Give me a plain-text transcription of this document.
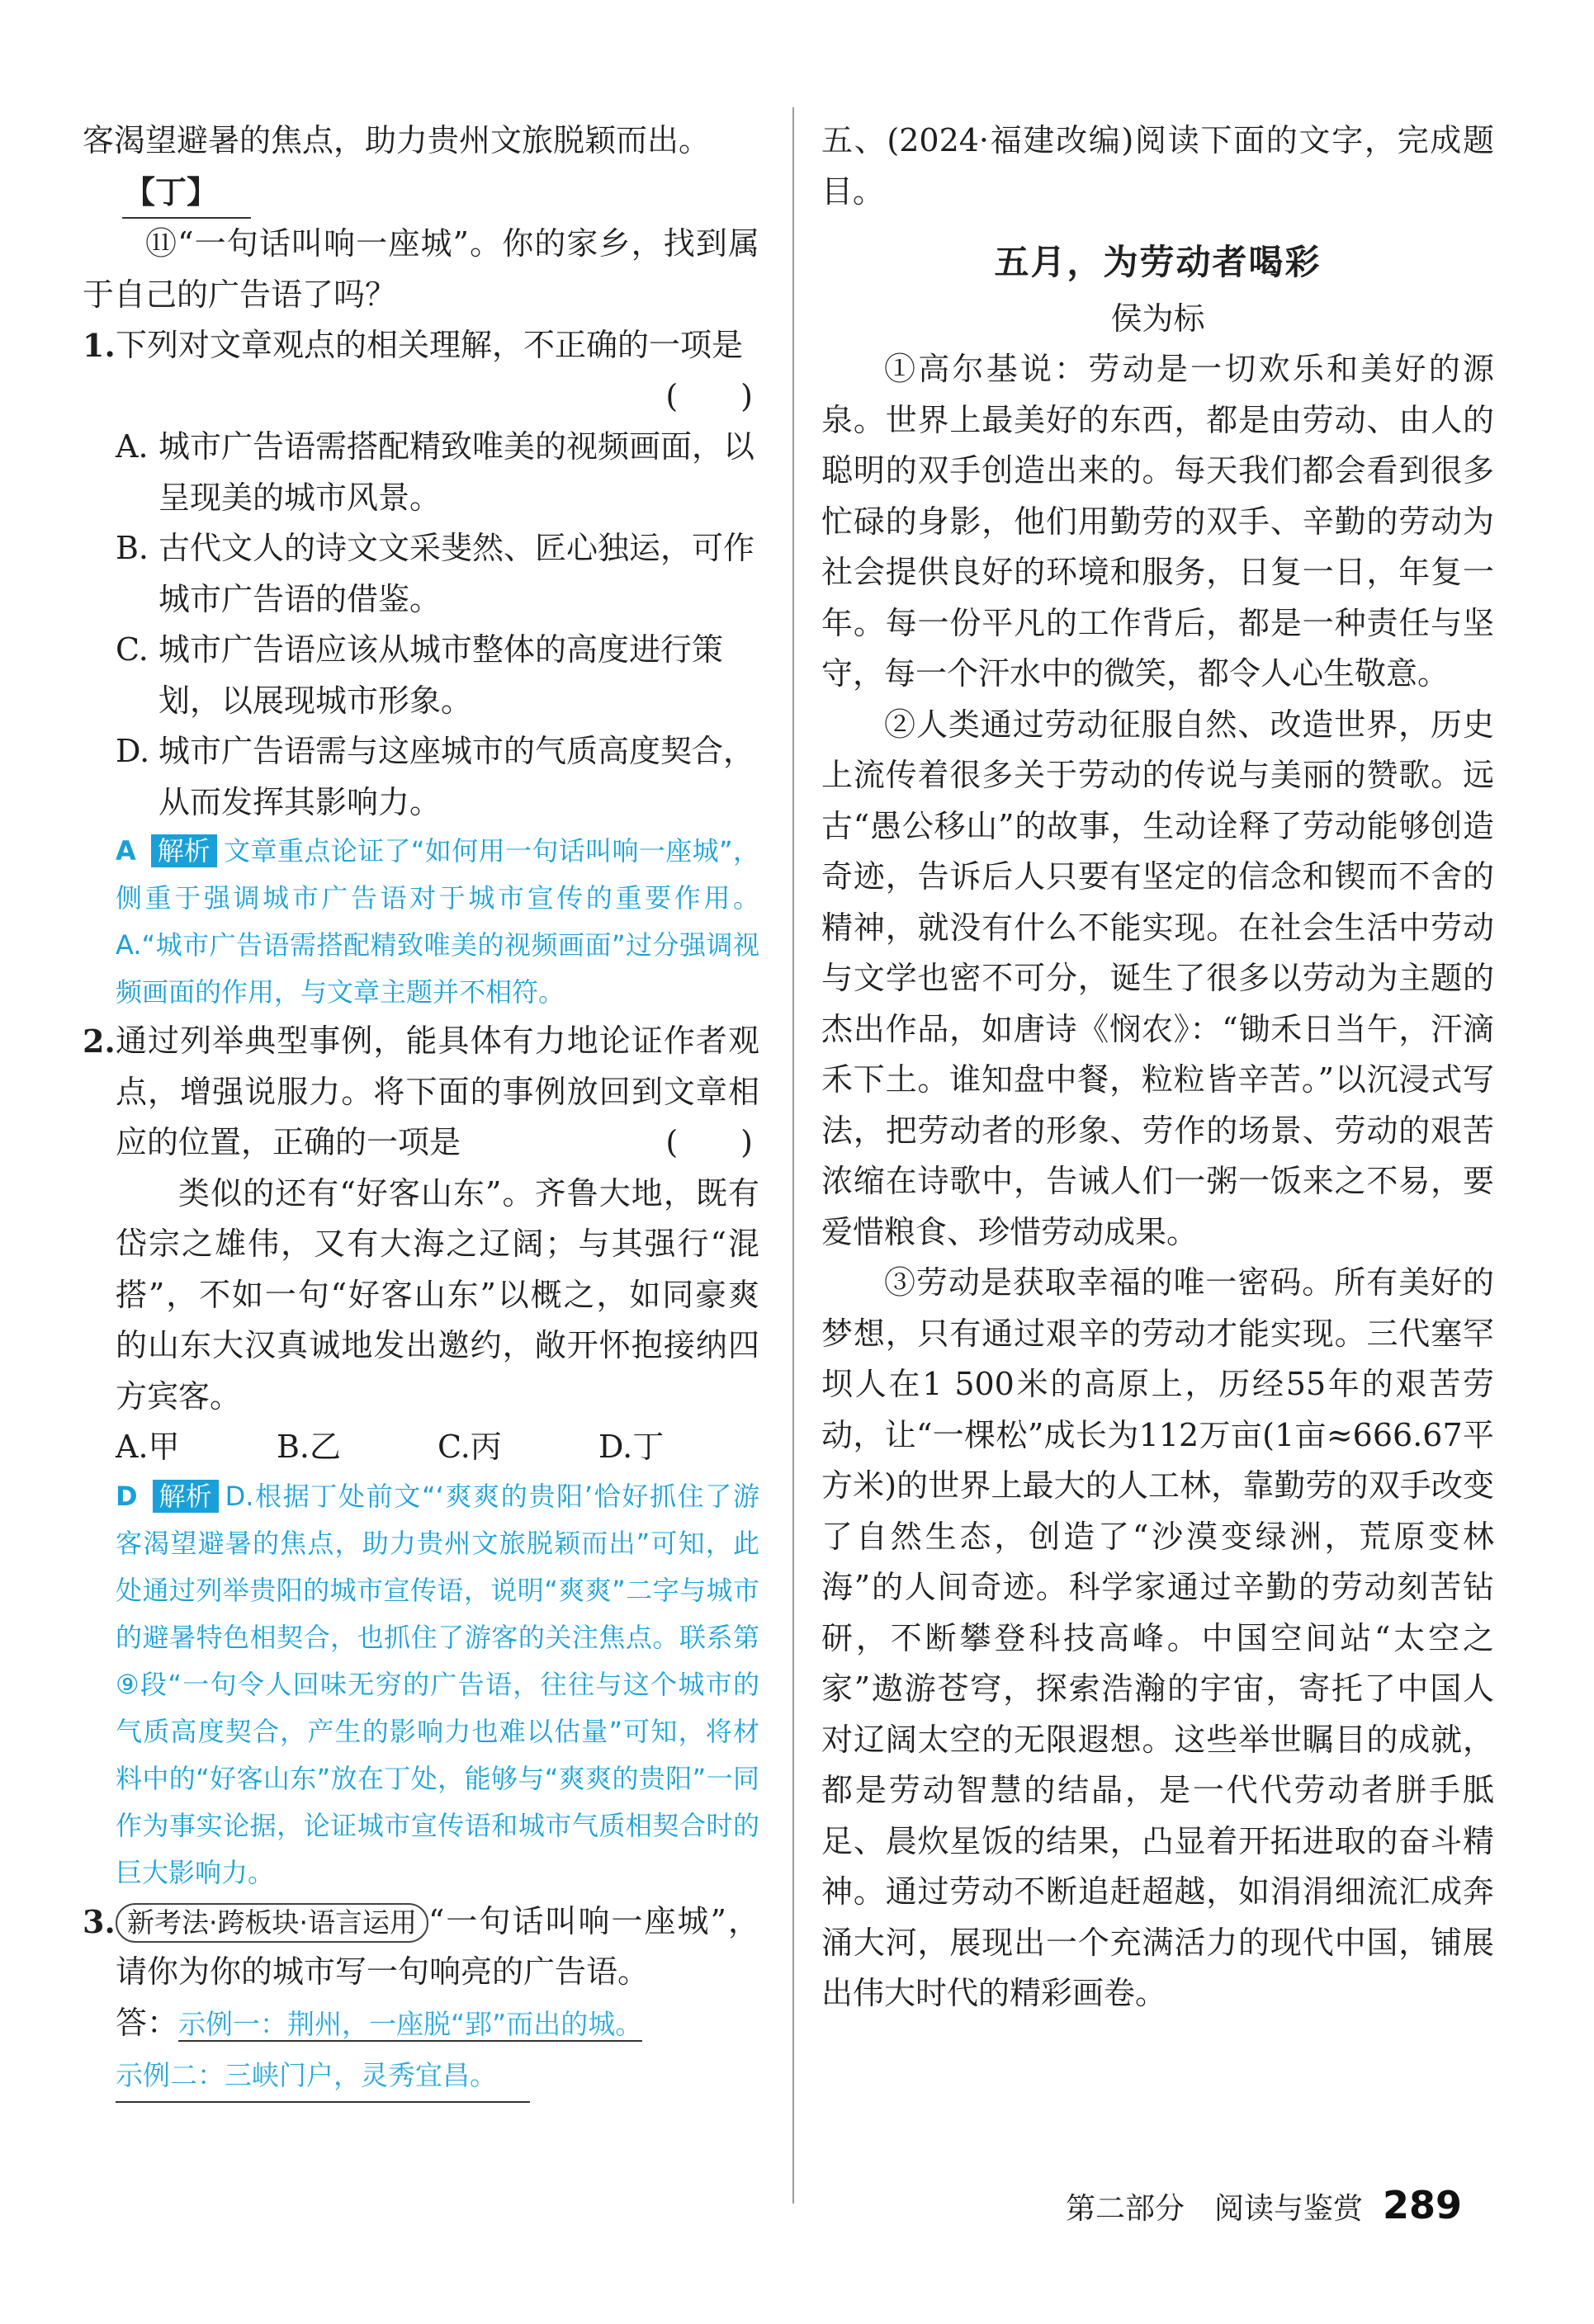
客渴望避暑的焦点，助力贵州文旅脱颖而出。

【丁】

⑪“一句话叫响一座城”。你的家乡，找到属于自己的广告语了吗？

1. 下列对文章观点的相关理解，不正确的一项是
(　　)
A. 城市广告语需搭配精致唯美的视频画面，以呈现美的城市风景。
B. 古代文人的诗文文采斐然、匠心独运，可作城市广告语的借鉴。
C. 城市广告语应该从城市整体的高度进行策划，以展现城市形象。
D. 城市广告语需与这座城市的气质高度契合，从而发挥其影响力。

A 解析 文章重点论证了“如何用一句话叫响一座城”，侧重于强调城市广告语对于城市宣传的重要作用。A.“城市广告语需搭配精致唯美的视频画面”过分强调视频画面的作用，与文章主题并不相符。

2. 通过列举典型事例，能具体有力地论证作者观点，增强说服力。将下面的事例放回到文章相应的位置，正确的一项是	(　　)

类似的还有“好客山东”。齐鲁大地，既有岱宗之雄伟，又有大海之辽阔；与其强行“混搭”，不如一句“好客山东”以概之，如同豪爽的山东大汉真诚地发出邀约，敞开怀抱接纳四方宾客。

A.甲	B.乙	C.丙	D.丁

D 解析 D.根据丁处前文“‘爽爽的贵阳’恰好抓住了游客渴望避暑的焦点，助力贵州文旅脱颖而出”可知，此处通过列举贵阳的城市宣传语，说明“爽爽”二字与城市的避暑特色相契合，也抓住了游客的关注焦点。联系第⑨段“一句令人回味无穷的广告语，往往与这个城市的气质高度契合，产生的影响力也难以估量”可知，将材料中的“好客山东”放在丁处，能够与“爽爽的贵阳”一同作为事实论据，论证城市宣传语和城市气质相契合时的巨大影响力。

3. 新考法·跨板块·语言运用 “一句话叫响一座城”，请你为你的城市写一句响亮的广告语。
答：示例一：荆州，一座脱“郢”而出的城。
示例二：三峡门户，灵秀宜昌。

五、(2024·福建改编)阅读下面的文字，完成题目。

五月，为劳动者喝彩

侯为标

①高尔基说：劳动是一切欢乐和美好的源泉。世界上最美好的东西，都是由劳动、由人的聪明的双手创造出来的。每天我们都会看到很多忙碌的身影，他们用勤劳的双手、辛勤的劳动为社会提供良好的环境和服务，日复一日，年复一年。每一份平凡的工作背后，都是一种责任与坚守，每一个汗水中的微笑，都令人心生敬意。

②人类通过劳动征服自然、改造世界，历史上流传着很多关于劳动的传说与美丽的赞歌。远古“愚公移山”的故事，生动诠释了劳动能够创造奇迹，告诉后人只要有坚定的信念和锲而不舍的精神，就没有什么不能实现。在社会生活中劳动与文学也密不可分，诞生了很多以劳动为主题的杰出作品，如唐诗《悯农》：“锄禾日当午，汗滴禾下土。谁知盘中餐，粒粒皆辛苦。”以沉浸式写法，把劳动者的形象、劳作的场景、劳动的艰苦浓缩在诗歌中，告诫人们一粥一饭来之不易，要爱惜粮食、珍惜劳动成果。

③劳动是获取幸福的唯一密码。所有美好的梦想，只有通过艰辛的劳动才能实现。三代塞罕坝人在1 500米的高原上，历经55年的艰苦劳动，让“一棵松”成长为112万亩(1亩≈666.67平方米)的世界上最大的人工林，靠勤劳的双手改变了自然生态，创造了“沙漠变绿洲，荒原变林海”的人间奇迹。科学家通过辛勤的劳动刻苦钻研，不断攀登科技高峰。中国空间站“太空之家”遨游苍穹，探索浩瀚的宇宙，寄托了中国人对辽阔太空的无限遐想。这些举世瞩目的成就，都是劳动智慧的结晶，是一代代劳动者胼手胝足、晨炊星饭的结果，凸显着开拓进取的奋斗精神。通过劳动不断追赶超越，如涓涓细流汇成奔涌大河，展现出一个充满活力的现代中国，铺展出伟大时代的精彩画卷。

第二部分　阅读与鉴赏 289
